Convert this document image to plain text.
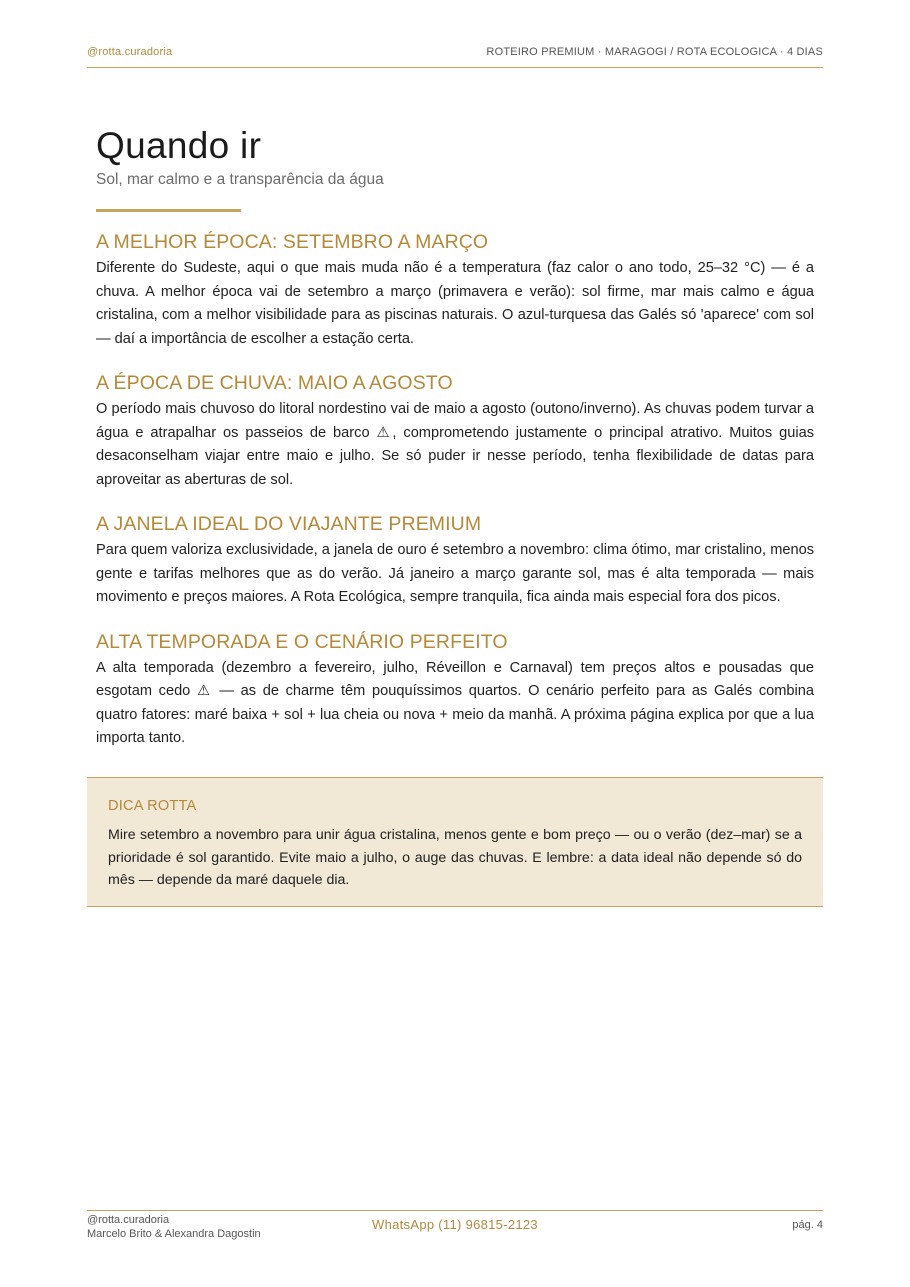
@rotta.curadoria	ROTEIRO PREMIUM · MARAGOGI / ROTA ECOLOGICA · 4 DIAS
Quando ir

Sol, mar calmo e a transparência da água

A MELHOR ÉPOCA: SETEMBRO A MARÇO

Diferente do Sudeste, aqui o que mais muda não é a temperatura (faz calor o ano todo, 25–32 °C) — é a chuva. A melhor época vai de setembro a março (primavera e verão): sol firme, mar mais calmo e água cristalina, com a melhor visibilidade para as piscinas naturais. O azul-turquesa das Galés só 'aparece' com sol — daí a importância de escolher a estação certa.

A ÉPOCA DE CHUVA: MAIO A AGOSTO

O período mais chuvoso do litoral nordestino vai de maio a agosto (outono/inverno). As chuvas podem turvar a água e atrapalhar os passeios de barco ⚠, comprometendo justamente o principal atrativo. Muitos guias desaconselham viajar entre maio e julho. Se só puder ir nesse período, tenha flexibilidade de datas para aproveitar as aberturas de sol.

A JANELA IDEAL DO VIAJANTE PREMIUM

Para quem valoriza exclusividade, a janela de ouro é setembro a novembro: clima ótimo, mar cristalino, menos gente e tarifas melhores que as do verão. Já janeiro a março garante sol, mas é alta temporada — mais movimento e preços maiores. A Rota Ecológica, sempre tranquila, fica ainda mais especial fora dos picos.

ALTA TEMPORADA E O CENÁRIO PERFEITO

A alta temporada (dezembro a fevereiro, julho, Réveillon e Carnaval) tem preços altos e pousadas que esgotam cedo ⚠ — as de charme têm pouquíssimos quartos. O cenário perfeito para as Galés combina quatro fatores: maré baixa + sol + lua cheia ou nova + meio da manhã. A próxima página explica por que a lua importa tanto.

DICA ROTTA

Mire setembro a novembro para unir água cristalina, menos gente e bom preço — ou o verão (dez–mar) se a prioridade é sol garantido. Evite maio a julho, o auge das chuvas. E lembre: a data ideal não depende só do mês — depende da maré daquele dia.

@rotta.curadoria
Marcelo Brito & Alexandra Dagostin
WhatsApp (11) 96815-2123	pág. 4
